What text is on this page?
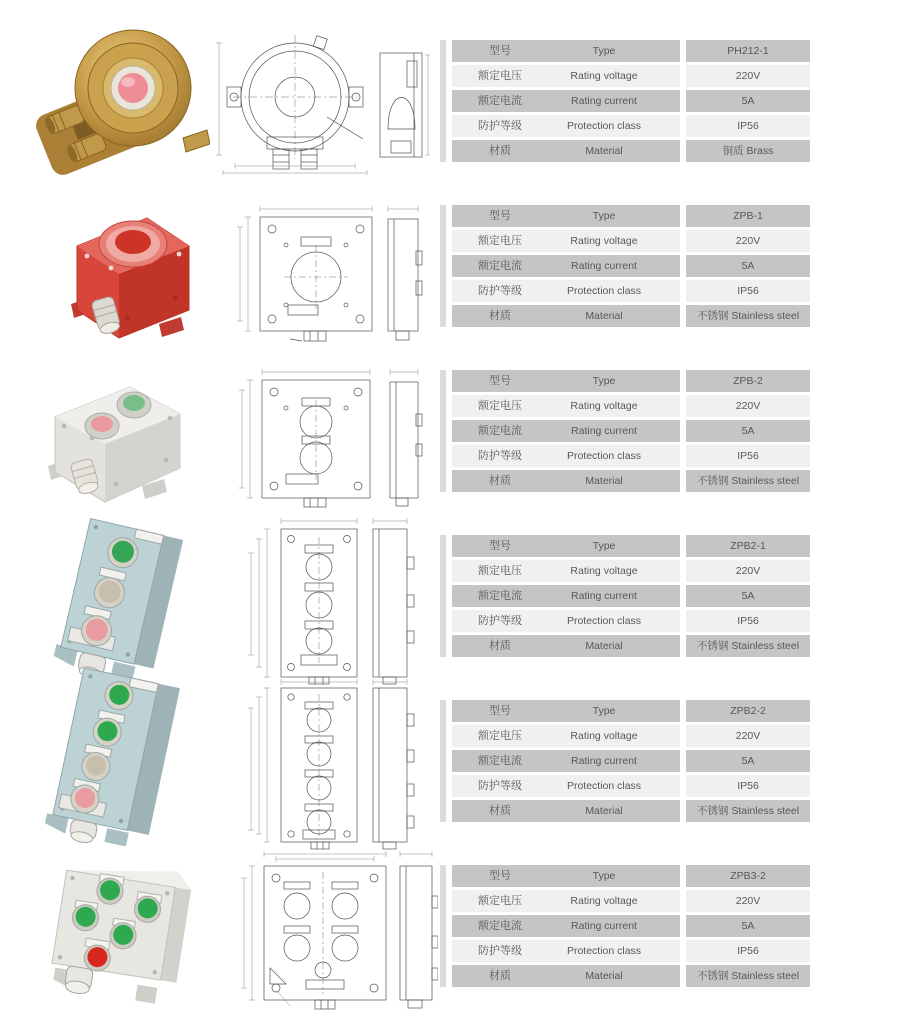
型号	Type	PH212-1
额定电压	Rating voltage	220V
额定电流	Rating current	5A
防护等级	Protection class	IP56
材质	Material	铜质 Brass
型号	Type	ZPB-1
额定电压	Rating voltage	220V
额定电流	Rating current	5A
防护等级	Protection class	IP56
材质	Material	不锈钢 Stainless steel
型号	Type	ZPB-2
额定电压	Rating voltage	220V
额定电流	Rating current	5A
防护等级	Protection class	IP56
材质	Material	不锈钢 Stainless steel
型号	Type	ZPB2-1
额定电压	Rating voltage	220V
额定电流	Rating current	5A
防护等级	Protection class	IP56
材质	Material	不锈钢 Stainless steel
型号	Type	ZPB2-2
额定电压	Rating voltage	220V
额定电流	Rating current	5A
防护等级	Protection class	IP56
材质	Material	不锈钢 Stainless steel
型号	Type	ZPB3-2
额定电压	Rating voltage	220V
额定电流	Rating current	5A
防护等级	Protection class	IP56
材质	Material	不锈钢 Stainless steel
